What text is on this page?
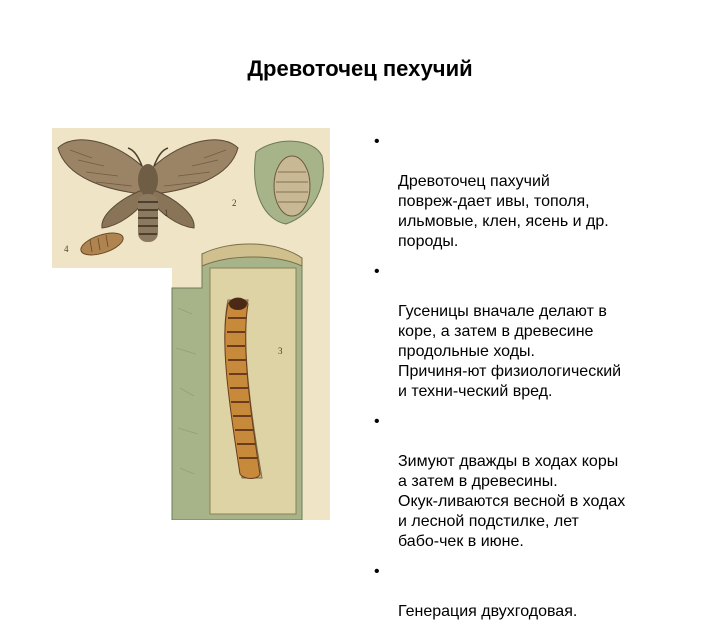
Древоточец пехучий
1
2
3
4

•

Древоточец пахучий
повреж-дает ивы, тополя,
ильмовые, клен, ясень и др.
породы.

•

Гусеницы вначале делают в
коре, а затем в древесине
продольные ходы.
Причиня-ют физиологический
и техни-ческий вред.

•

Зимуют дважды в ходах коры
а затем в древесины.
Окук-ливаются весной в ходах
и лесной подстилке, лет
бабо-чек в июне.

•

Генерация двухгодовая.
